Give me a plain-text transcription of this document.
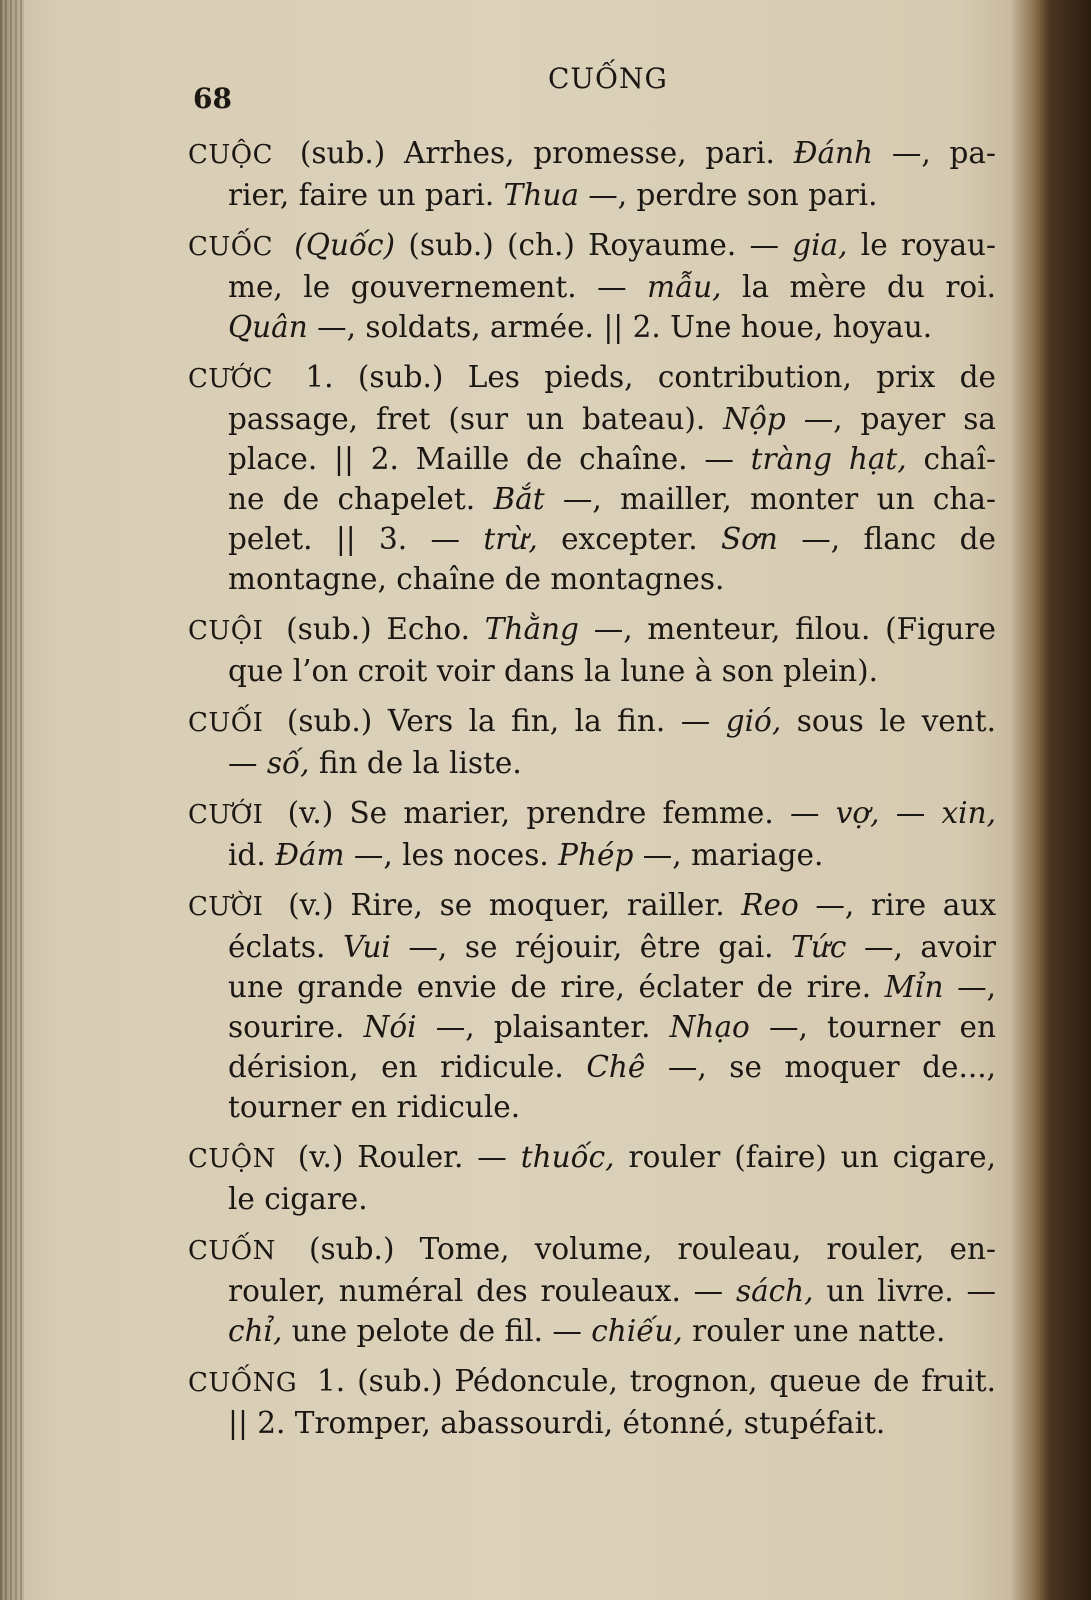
68
CUỐNG
CUỘC (sub.) Arrhes, promesse, pari. Đánh —, pa-
rier, faire un pari. Thua —, perdre son pari.
CUỐC (Quốc) (sub.) (ch.) Royaume. — gia, le royau-
me, le gouvernement. — mẫu, la mère du roi.
Quân —, soldats, armée. || 2. Une houe, hoyau.
CƯỚC 1. (sub.) Les pieds, contribution, prix de
passage, fret (sur un bateau). Nộp —, payer sa
place. || 2. Maille de chaîne. — tràng hạt, chaî-
ne de chapelet. Bắt —, mailler, monter un cha-
pelet. || 3. — trừ, excepter. Sơn —, flanc de
montagne, chaîne de montagnes.
CUỘI (sub.) Echo. Thằng —, menteur, filou. (Figure
que l’on croit voir dans la lune à son plein).
CUỐI (sub.) Vers la fin, la fin. — gió, sous le vent.
— số, fin de la liste.
CƯỚI (v.) Se marier, prendre femme. — vợ, — xin,
id. Đám —, les noces. Phép —, mariage.
CƯỜI (v.) Rire, se moquer, railler. Reo —, rire aux
éclats. Vui —, se réjouir, être gai. Tức —, avoir
une grande envie de rire, éclater de rire. Mỉn —,
sourire. Nói —, plaisanter. Nhạo —, tourner en
dérision, en ridicule. Chê —, se moquer de...,
tourner en ridicule.
CUỘN (v.) Rouler. — thuốc, rouler (faire) un cigare,
le cigare.
CUỐN (sub.) Tome, volume, rouleau, rouler, en-
rouler, numéral des rouleaux. — sách, un livre. —
chỉ, une pelote de fil. — chiếu, rouler une natte.
CUỐNG 1. (sub.) Pédoncule, trognon, queue de fruit.
|| 2. Tromper, abassourdi, étonné, stupéfait.
